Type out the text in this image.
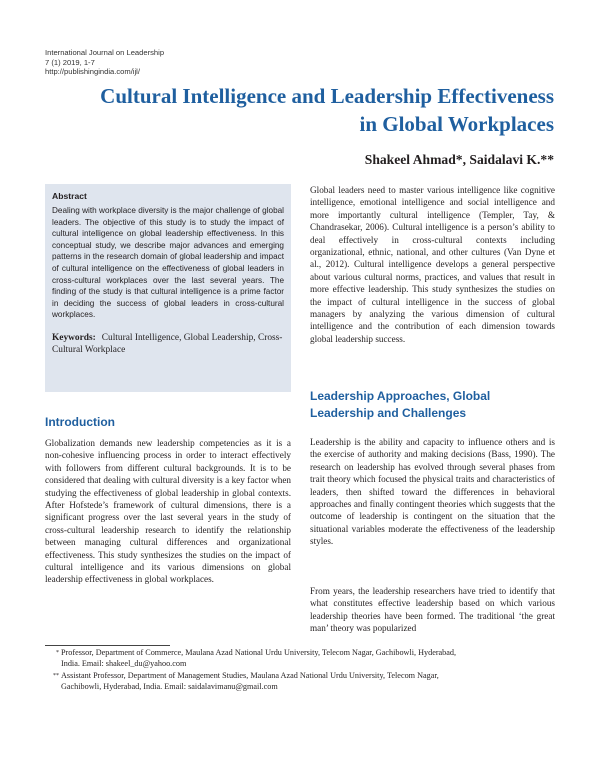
International Journal on Leadership
7 (1) 2019, 1-7
http://publishingindia.com/ijl/
Cultural Intelligence and Leadership Effectiveness
in Global Workplaces

Shakeel Ahmad*, Saidalavi K.**

Abstract

Dealing with workplace diversity is the major challenge of global leaders. The objective of this study is to study the impact of cultural intelligence on global leadership effectiveness. In this conceptual study, we describe major advances and emerging patterns in the research domain of global leadership and impact of cultural intelligence on the effectiveness of global leaders in cross-cultural workplaces over the last several years. The finding of the study is that cultural intelligence is a prime factor in deciding the success of global leaders in cross-cultural workplaces.

Keywords: Cultural Intelligence, Global Leadership, Cross-Cultural Workplace
Introduction

Globalization demands new leadership competencies as it is a non-cohesive influencing process in order to interact effectively with followers from different cultural backgrounds. It is to be considered that dealing with cultural diversity is a key factor when studying the effectiveness of global leadership in global contexts. After Hofstede’s framework of cultural dimensions, there is a significant progress over the last several years in the study of cross-cultural leadership research to identify the relationship between managing cultural differences and organizational effectiveness. This study synthesizes the studies on the impact of cultural intelligence and its various dimensions on global leadership effectiveness in global workplaces.

Global leaders need to master various intelligence like cognitive intelligence, emotional intelligence and social intelligence and more importantly cultural intelligence (Templer, Tay, & Chandrasekar, 2006). Cultural intelligence is a person’s ability to deal effectively in cross-cultural contexts including organizational, ethnic, national, and other cultures (Van Dyne et al., 2012). Cultural intelligence develops a general perspective about various cultural norms, practices, and values that result in more effective leadership. This study synthesizes the studies on the impact of cultural intelligence in the success of global managers by analyzing the various dimension of cultural intelligence and the contribution of each dimension towards global leadership success.

Leadership Approaches, Global
Leadership and Challenges

Leadership is the ability and capacity to influence others and is the exercise of authority and making decisions (Bass, 1990). The research on leadership has evolved through several phases from trait theory which focused the physical traits and characteristics of leaders, then shifted toward the differences in behavioral approaches and finally contingent theories which suggests that the outcome of leadership is contingent on the situation that the situational variables moderate the effectiveness of the leadership styles.

From years, the leadership researchers have tried to identify that what constitutes effective leadership based on which various leadership theories have been formed. The traditional ‘the great man’ theory was popularized

* Professor, Department of Commerce, Maulana Azad National Urdu University, Telecom Nagar, Gachibowli, Hyderabad,
India. Email: shakeel_du@yahoo.com

** Assistant Professor, Department of Management Studies, Maulana Azad National Urdu University, Telecom Nagar,
Gachibowli, Hyderabad, India. Email: saidalavimanu@gmail.com
